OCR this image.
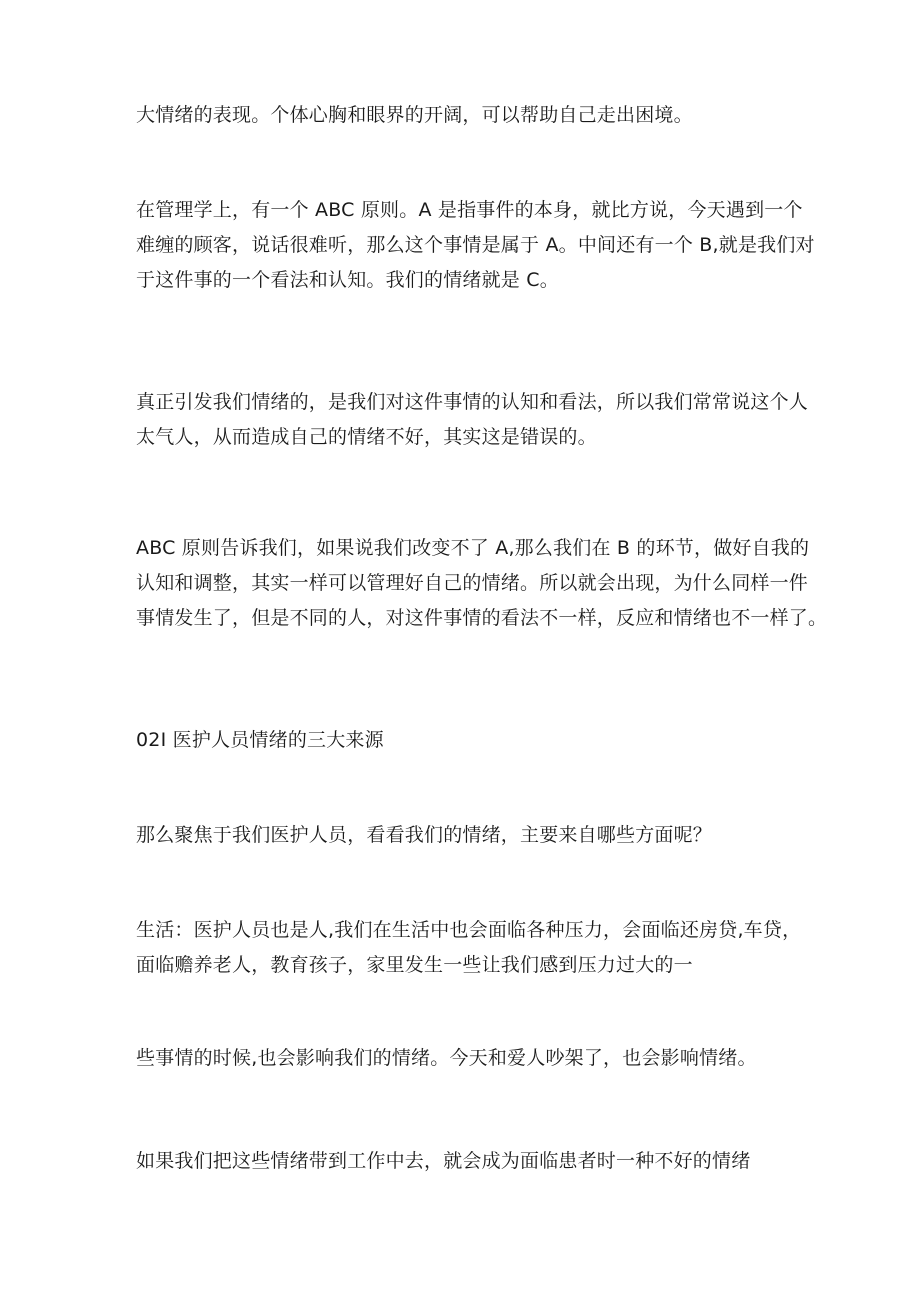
大情绪的表现。个体心胸和眼界的开阔，可以帮助自己走出困境。

在管理学上，有一个 ABC 原则。A 是指事件的本身，就比方说，今天遇到一个
难缠的顾客，说话很难听，那么这个事情是属于 A。中间还有一个 B,就是我们对
于这件事的一个看法和认知。我们的情绪就是 C。

真正引发我们情绪的，是我们对这件事情的认知和看法，所以我们常常说这个人
太气人，从而造成自己的情绪不好，其实这是错误的。

ABC 原则告诉我们，如果说我们改变不了 A,那么我们在 B 的环节，做好自我的
认知和调整，其实一样可以管理好自己的情绪。所以就会出现，为什么同样一件
事情发生了，但是不同的人，对这件事情的看法不一样，反应和情绪也不一样了。

02I 医护人员情绪的三大来源

那么聚焦于我们医护人员，看看我们的情绪，主要来自哪些方面呢？

生活：医护人员也是人,我们在生活中也会面临各种压力，会面临还房贷,车贷，
面临赡养老人，教育孩子，家里发生一些让我们感到压力过大的一

些事情的时候,也会影响我们的情绪。今天和爱人吵架了，也会影响情绪。

如果我们把这些情绪带到工作中去，就会成为面临患者时一种不好的情绪
